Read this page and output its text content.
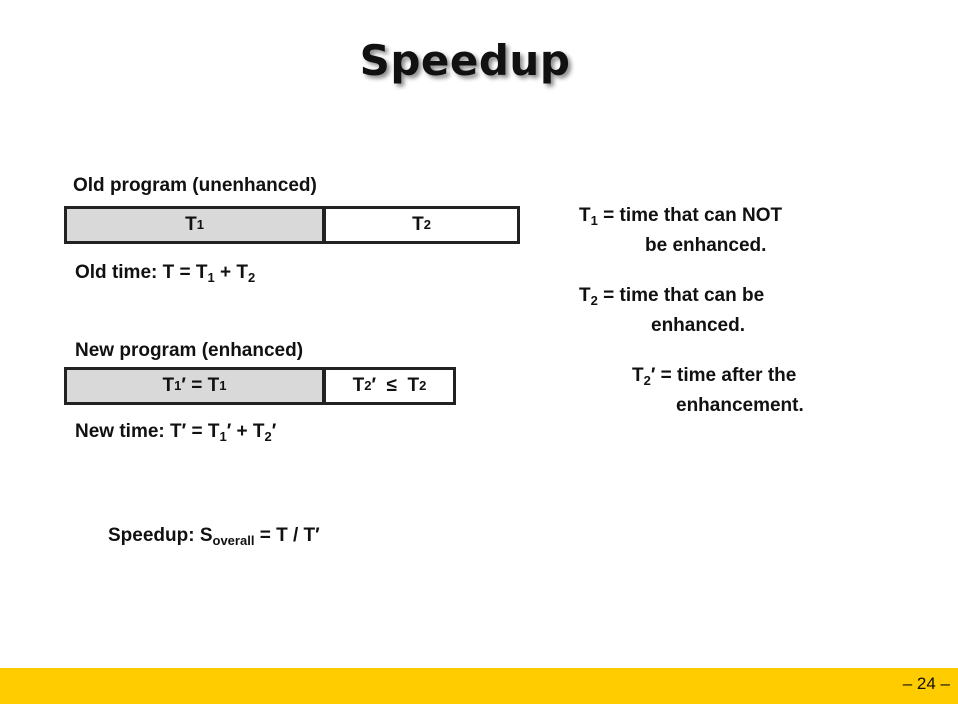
Speedup
Old program (unenhanced)
T 1	T 2
Old time: $T = T_1 + T_2$
New program (enhanced)
T 1 ′ = T 1	T 2 ′  ≤  T 2
New time: $T' = T_1' + T_2'$
Speedup: $S_{overall} = T / T'$
$T_1$ = time that can NOT
be enhanced.
$T_2$ = time that can be
enhanced.
$T_2'$ = time after the
enhancement.
– 24 –
